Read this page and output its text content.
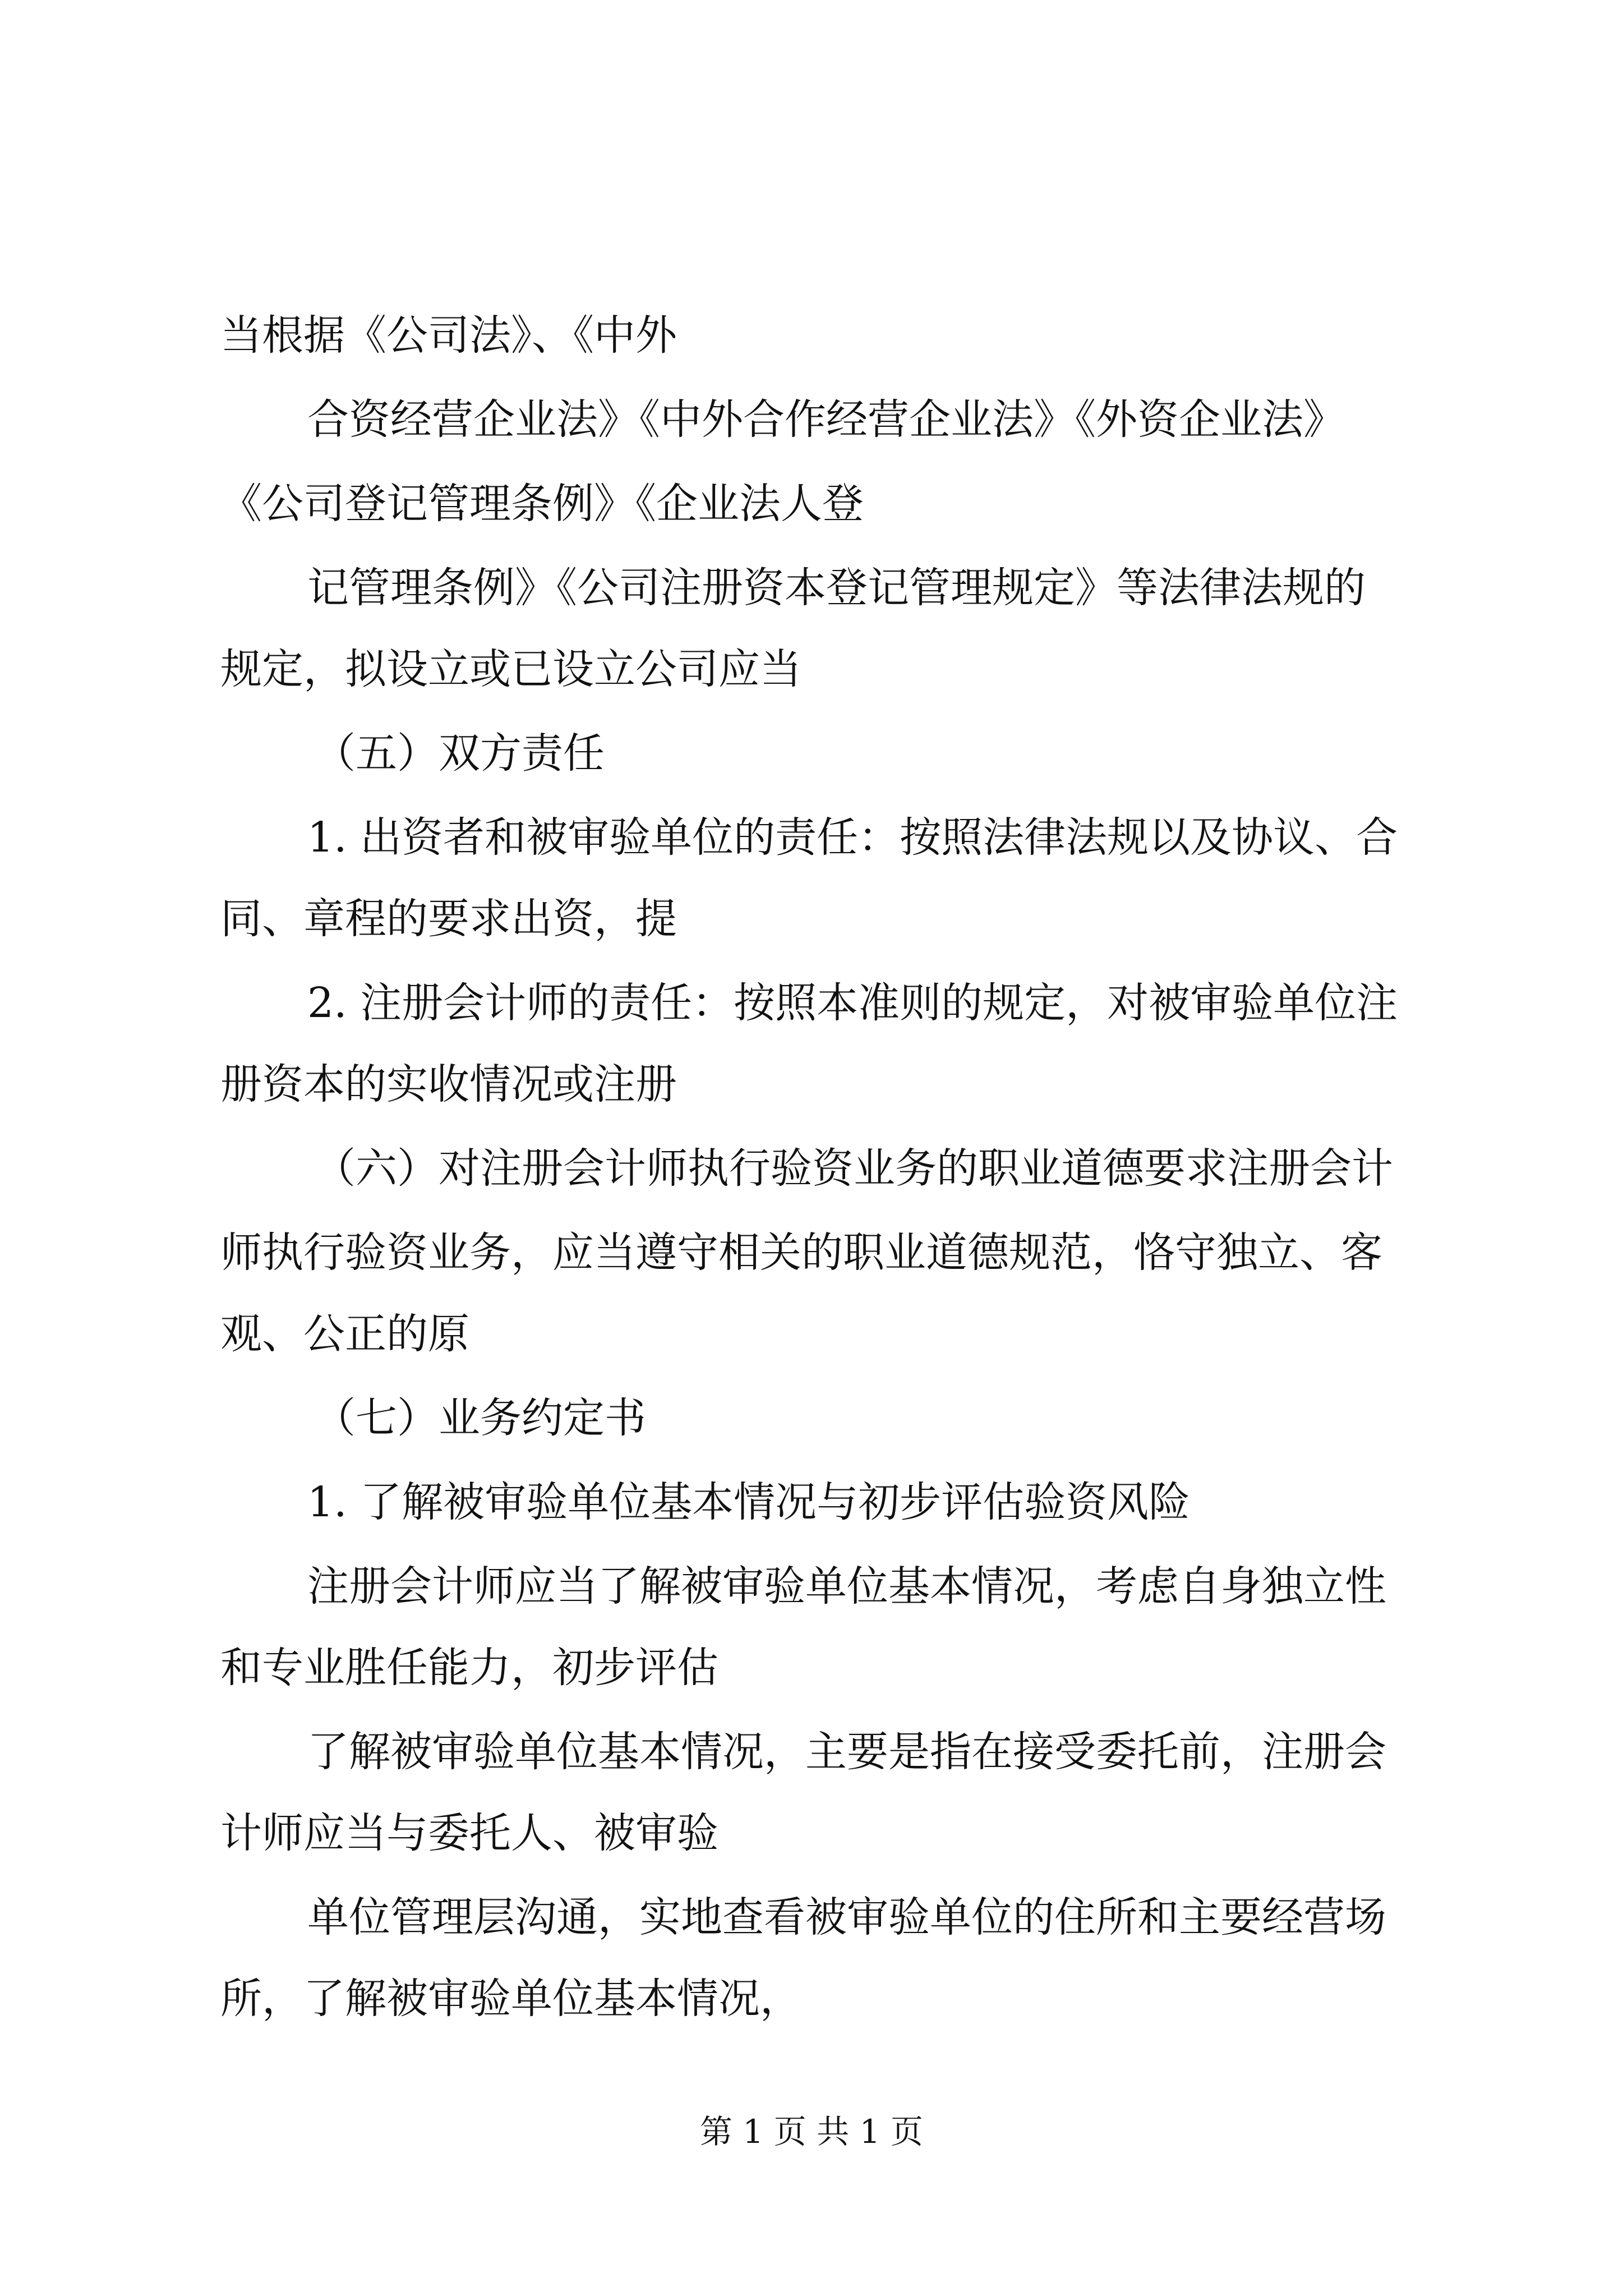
当根据《公司法》、《中外
合资经营企业法》《中外合作经营企业法》《外资企业法》
《公司登记管理条例》《企业法人登
记管理条例》《公司注册资本登记管理规定》等法律法规的
规定，拟设立或已设立公司应当
（五）双方责任
1. 出资者和被审验单位的责任：按照法律法规以及协议、合
同、章程的要求出资，提
2. 注册会计师的责任：按照本准则的规定，对被审验单位注
册资本的实收情况或注册
（六）对注册会计师执行验资业务的职业道德要求注册会计
师执行验资业务，应当遵守相关的职业道德规范，恪守独立、客
观、公正的原
（七）业务约定书
1. 了解被审验单位基本情况与初步评估验资风险
注册会计师应当了解被审验单位基本情况，考虑自身独立性
和专业胜任能力，初步评估
了解被审验单位基本情况，主要是指在接受委托前，注册会
计师应当与委托人、被审验
单位管理层沟通，实地查看被审验单位的住所和主要经营场
所，了解被审验单位基本情况，
第 1 页 共 1 页
